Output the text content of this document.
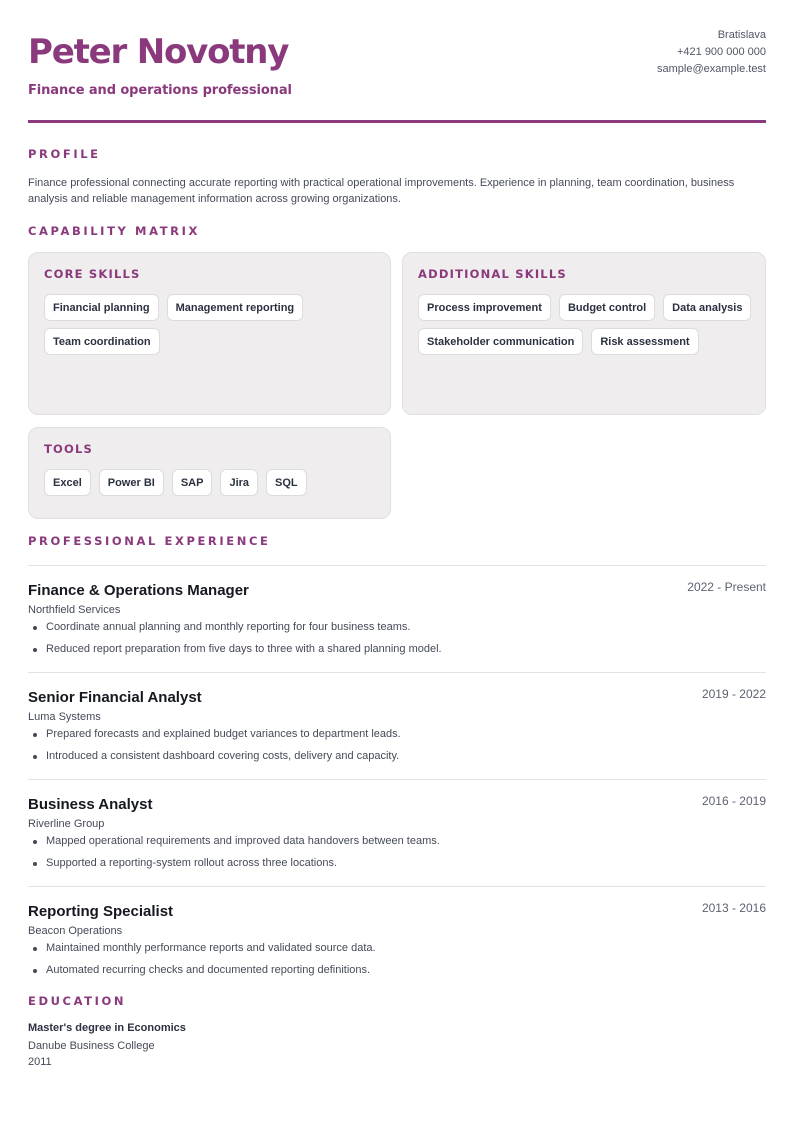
Peter Novotny
Finance and operations professional
Bratislava
+421 900 000 000
sample@example.test
PROFILE
Finance professional connecting accurate reporting with practical operational improvements. Experience in planning, team coordination, business analysis and reliable management information across growing organizations.
CAPABILITY MATRIX
CORE SKILLS
Financial planning	Management reporting
Team coordination
ADDITIONAL SKILLS
Process improvement	Budget control	Data analysis
Stakeholder communication	Risk assessment
TOOLS
Excel	Power BI	SAP	Jira	SQL
PROFESSIONAL EXPERIENCE
Finance & Operations Manager	2022 - Present
Northfield Services
Coordinate annual planning and monthly reporting for four business teams.
Reduced report preparation from five days to three with a shared planning model.
Senior Financial Analyst	2019 - 2022
Luma Systems
Prepared forecasts and explained budget variances to department leads.
Introduced a consistent dashboard covering costs, delivery and capacity.
Business Analyst	2016 - 2019
Riverline Group
Mapped operational requirements and improved data handovers between teams.
Supported a reporting-system rollout across three locations.
Reporting Specialist	2013 - 2016
Beacon Operations
Maintained monthly performance reports and validated source data.
Automated recurring checks and documented reporting definitions.
EDUCATION
Master's degree in Economics
Danube Business College
2011
